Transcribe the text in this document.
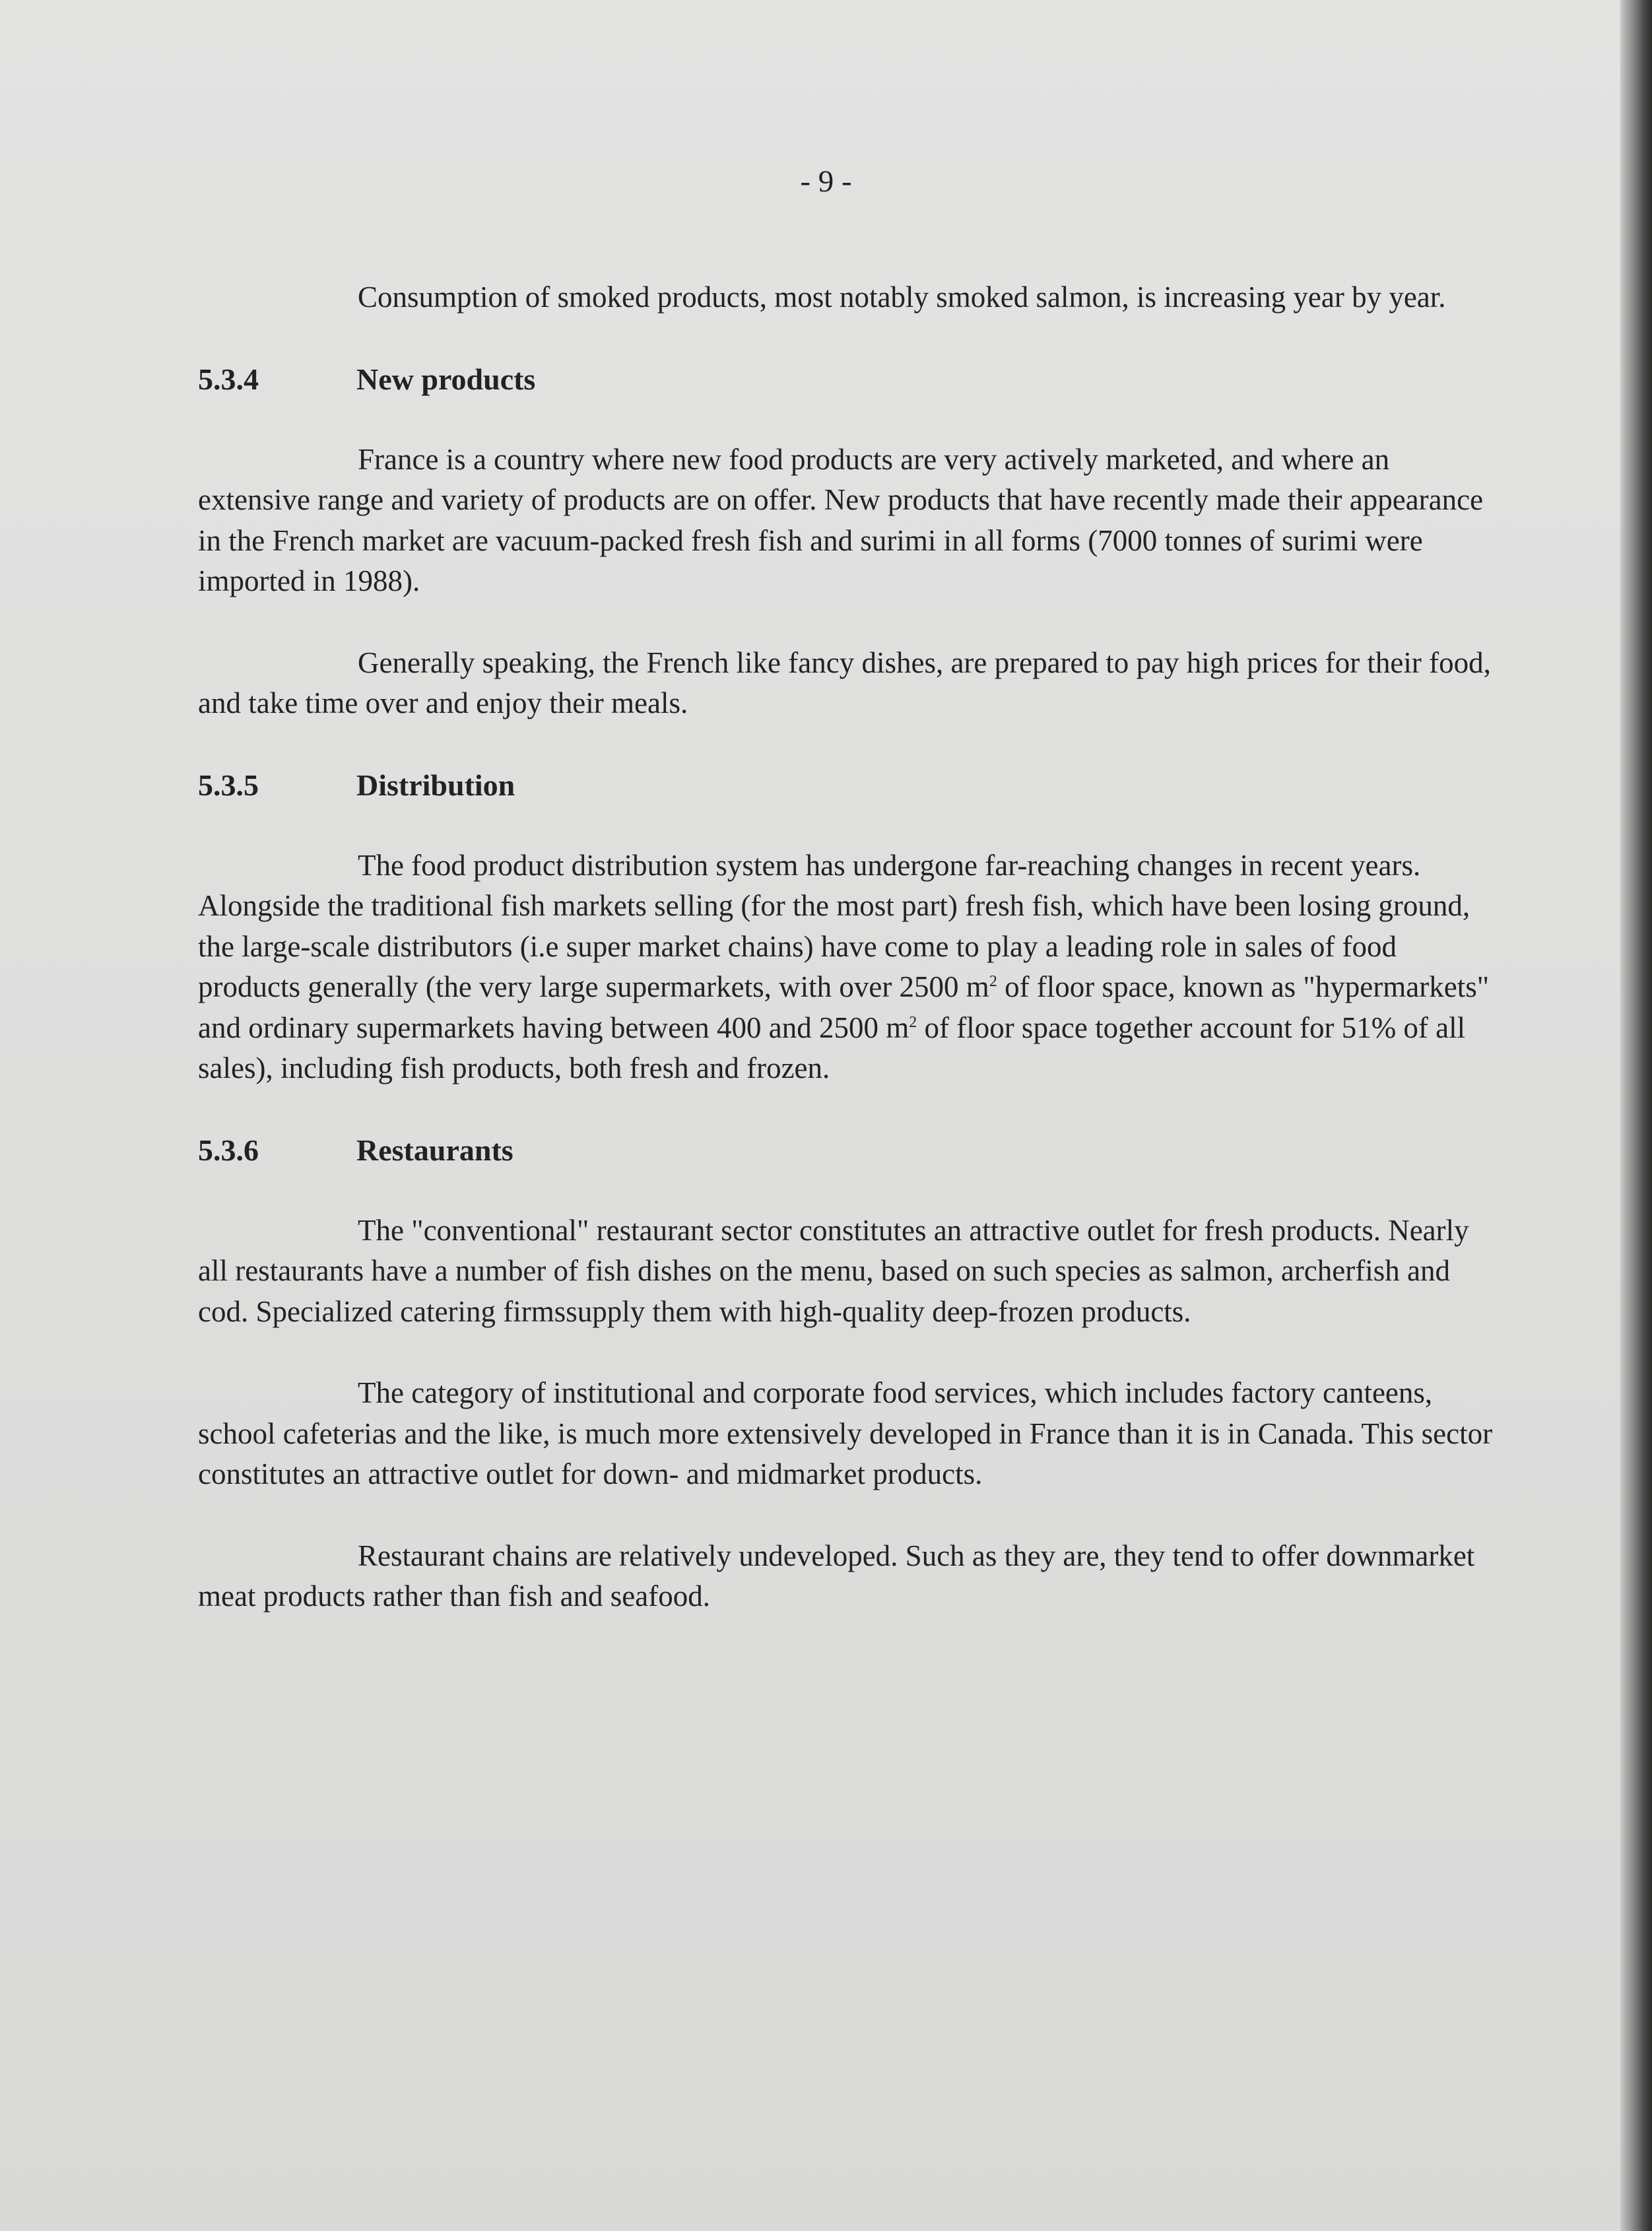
- 9 -

Consumption of smoked products, most notably smoked salmon, is increasing year by year.

5.3.4	New products

France is a country where new food products are very actively marketed, and where an extensive range and variety of products are on offer. New products that have recently made their appearance in the French market are vacuum-packed fresh fish and surimi in all forms (7000 tonnes of surimi were imported in 1988).

Generally speaking, the French like fancy dishes, are prepared to pay high prices for their food, and take time over and enjoy their meals.

5.3.5	Distribution

The food product distribution system has undergone far-reaching changes in recent years. Alongside the traditional fish markets selling (for the most part) fresh fish, which have been losing ground, the large-scale distributors (i.e super market chains) have come to play a leading role in sales of food products generally (the very large supermarkets, with over 2500 $m^2$ of floor space, known as "hypermarkets" and ordinary supermarkets having between 400 and 2500 $m^2$ of floor space together account for 51% of all sales), including fish products, both fresh and frozen.

5.3.6	Restaurants

The "conventional" restaurant sector constitutes an attractive outlet for fresh products. Nearly all restaurants have a number of fish dishes on the menu, based on such species as salmon, archerfish and cod. Specialized catering firmssupply them with high-quality deep-frozen products.

The category of institutional and corporate food services, which includes factory canteens, school cafeterias and the like, is much more extensively developed in France than it is in Canada. This sector constitutes an attractive outlet for down- and midmarket products.

Restaurant chains are relatively undeveloped. Such as they are, they tend to offer downmarket meat products rather than fish and seafood.
